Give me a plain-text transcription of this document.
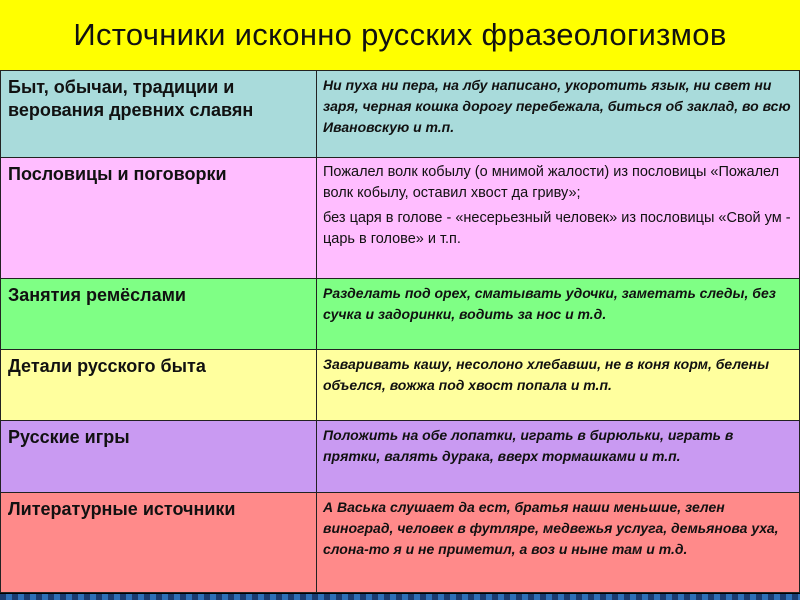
Источники исконно русских фразеологизмов
Быт, обычаи, традиции и верования древних славян	Ни пуха ни пера, на лбу написано, укоротить язык, ни свет ни заря, черная кошка дорогу перебежала, биться об заклад, во всю Ивановскую и т.п.

Пословицы и поговорки	Пожалел волк кобылу (о мнимой жалости) из пословицы «Пожалел волк кобылу, оставил хвост да гриву»;

без царя в голове - «несерьезный человек» из пословицы «Свой ум - царь в голове» и т.п.

Занятия ремёслами	Разделать под орех, сматывать удочки, заметать следы, без сучка и задоринки, водить за нос и т.д.

Детали русского быта	Заваривать кашу, несолоно хлебавши, не в коня корм, белены объелся, вожжа под хвост попала и т.п.

Русские игры	Положить на обе лопатки, играть в бирюльки, играть в прятки, валять дурака, вверх тормашками и т.п.

Литературные источники	А Васька слушает да ест, братья наши меньшие, зелен виноград, человек в футляре, медвежья услуга, демьянова уха, слона-то я и не приметил, а воз и ныне там и т.д.
